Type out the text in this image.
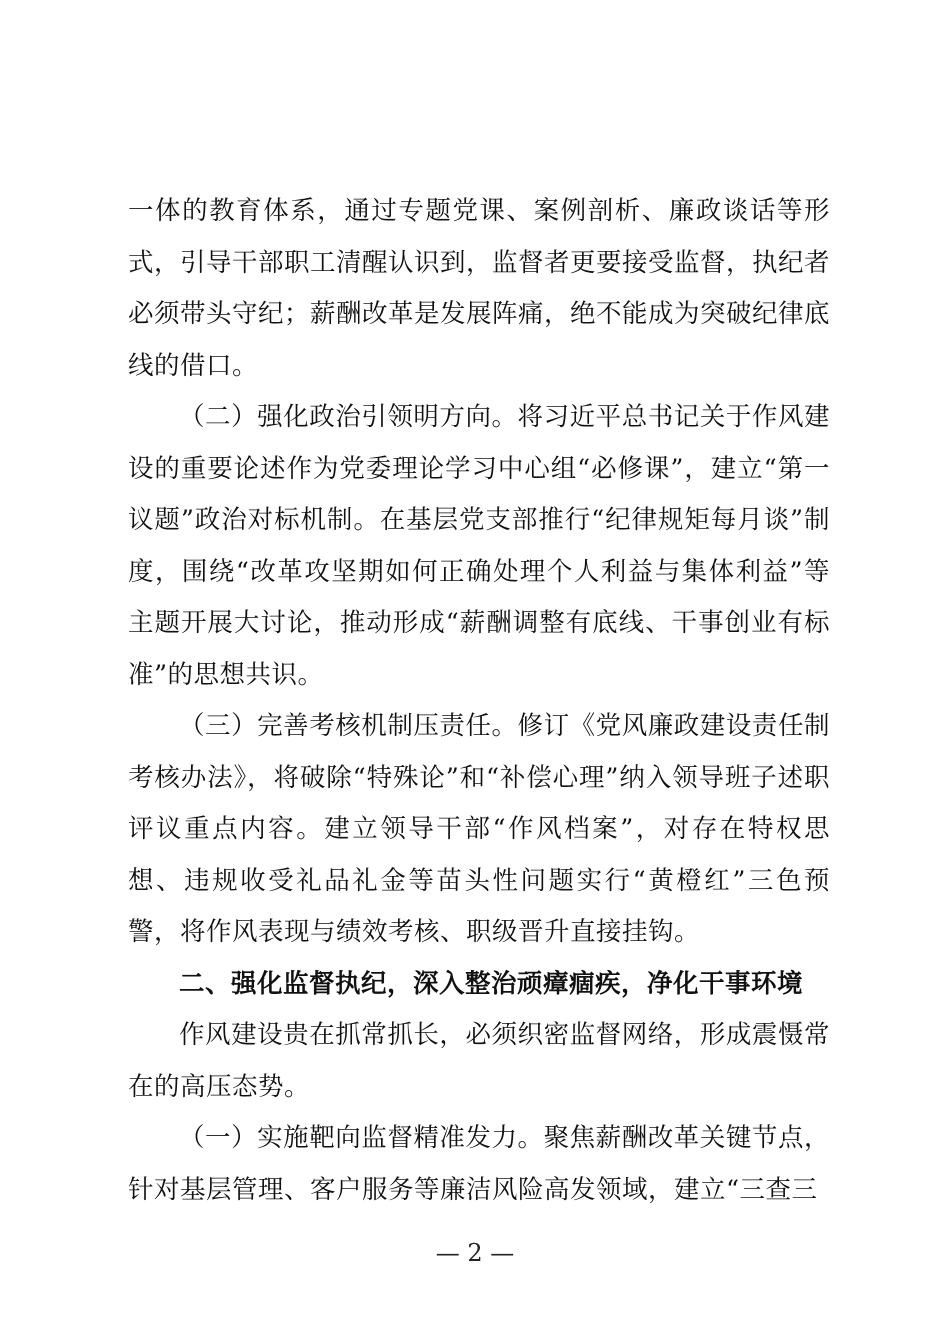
一体的教育体系，通过专题党课、案例剖析、廉政谈话等形式，引导干部职工清醒认识到，监督者更要接受监督，执纪者必须带头守纪；薪酬改革是发展阵痛，绝不能成为突破纪律底线的借口。

（二）强化政治引领明方向。将习近平总书记关于作风建设的重要论述作为党委理论学习中心组“必修课”，建立“第一议题”政治对标机制。在基层党支部推行“纪律规矩每月谈”制度，围绕“改革攻坚期如何正确处理个人利益与集体利益”等主题开展大讨论，推动形成“薪酬调整有底线、干事创业有标准”的思想共识。

（三）完善考核机制压责任。修订《党风廉政建设责任制考核办法》，将破除“特殊论”和“补偿心理”纳入领导班子述职评议重点内容。建立领导干部“作风档案”，对存在特权思想、违规收受礼品礼金等苗头性问题实行“黄橙红”三色预警，将作风表现与绩效考核、职级晋升直接挂钩。

二、强化监督执纪，深入整治顽瘴痼疾，净化干事环境

作风建设贵在抓常抓长，必须织密监督网络，形成震慑常在的高压态势。

（一）实施靶向监督精准发力。聚焦薪酬改革关键节点，针对基层管理、客户服务等廉洁风险高发领域，建立“三查三

— 2 —
